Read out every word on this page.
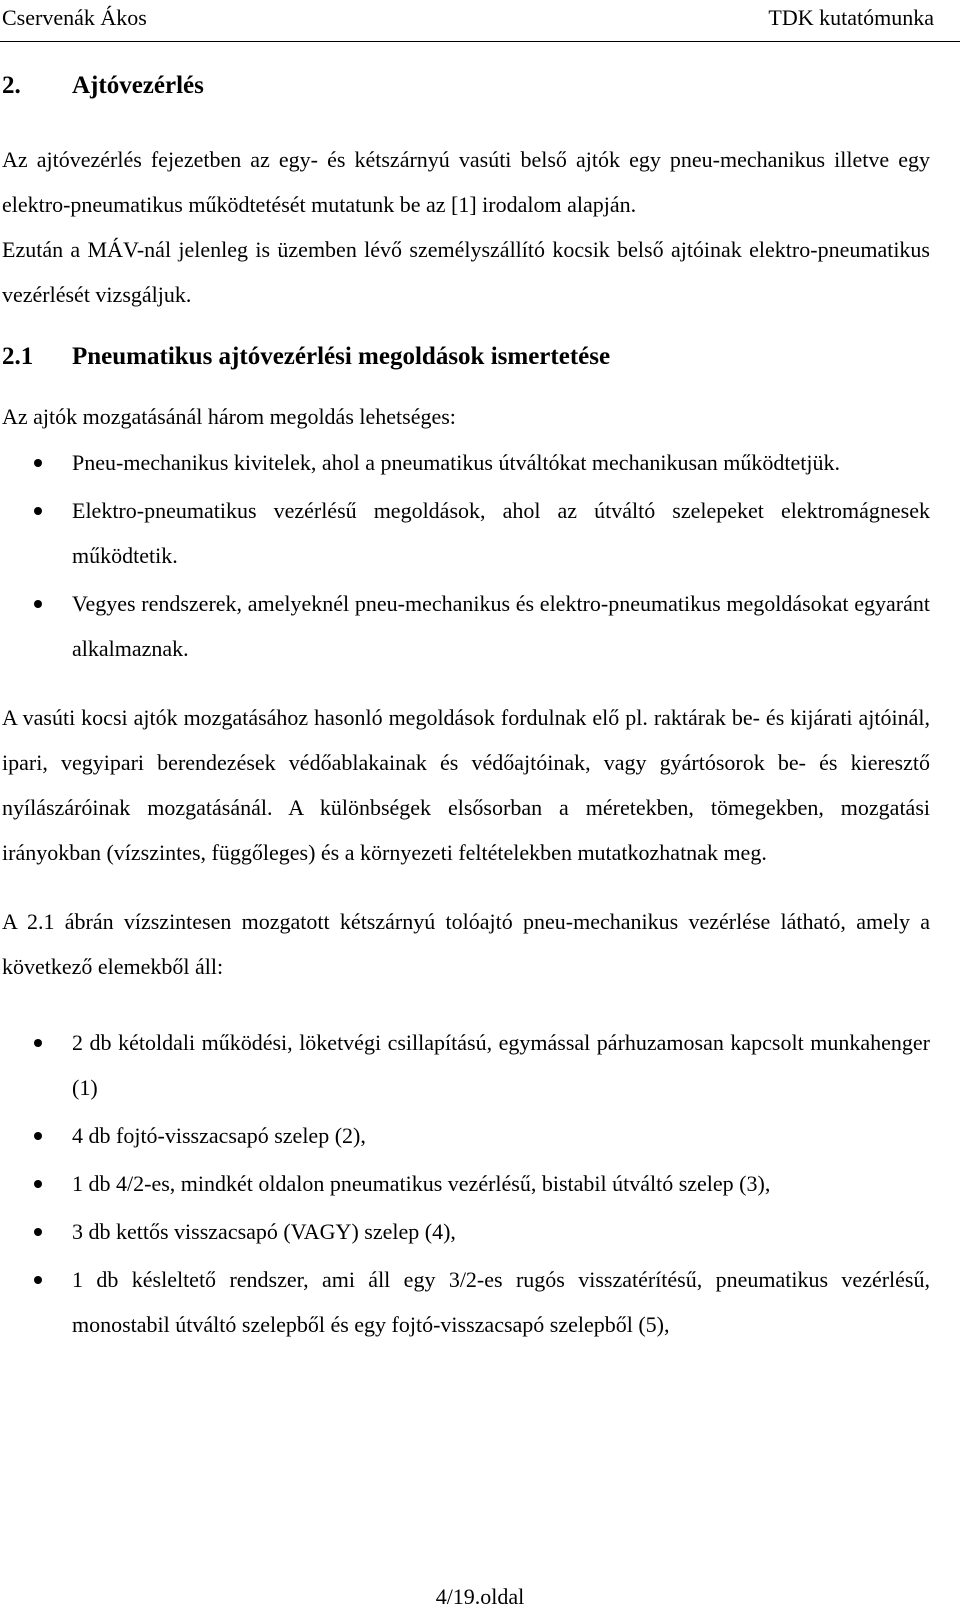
Cservenák Ákos	TDK kutatómunka
2.	Ajtóvezérlés

Az ajtóvezérlés fejezetben az egy- és kétszárnyú vasúti belső ajtók egy pneu-mechanikus illetve egy elektro-pneumatikus működtetését mutatunk be az [1] irodalom alapján.

Ezután a MÁV-nál jelenleg is üzemben lévő személyszállító kocsik belső ajtóinak elektro-pneumatikus vezérlését vizsgáljuk.

2.1	Pneumatikus ajtóvezérlési megoldások ismertetése

Az ajtók mozgatásánál három megoldás lehetséges:

Pneu-mechanikus kivitelek, ahol a pneumatikus útváltókat mechanikusan működtetjük.
Elektro-pneumatikus vezérlésű megoldások, ahol az útváltó szelepeket elektromágnesek működtetik.
Vegyes rendszerek, amelyeknél pneu-mechanikus és elektro-pneumatikus megoldásokat egyaránt alkalmaznak.

A vasúti kocsi ajtók mozgatásához hasonló megoldások fordulnak elő pl. raktárak be- és kijárati ajtóinál, ipari, vegyipari berendezések védőablakainak és védőajtóinak, vagy gyártósorok be- és kieresztő nyílászáróinak mozgatásánál. A különbségek elsősorban a méretekben, tömegekben, mozgatási irányokban (vízszintes, függőleges) és a környezeti feltételekben mutatkozhatnak meg.

A 2.1 ábrán vízszintesen mozgatott kétszárnyú tolóajtó pneu-mechanikus vezérlése látható, amely a következő elemekből áll:

2 db kétoldali működési, löketvégi csillapítású, egymással párhuzamosan kapcsolt munkahenger (1)
4 db fojtó-visszacsapó szelep (2),
1 db 4/2-es, mindkét oldalon pneumatikus vezérlésű, bistabil útváltó szelep (3),
3 db kettős visszacsapó (VAGY) szelep (4),
1 db késleltető rendszer, ami áll egy 3/2-es rugós visszatérítésű, pneumatikus vezérlésű, monostabil útváltó szelepből és egy fojtó-visszacsapó szelepből (5),
4/19.oldal
